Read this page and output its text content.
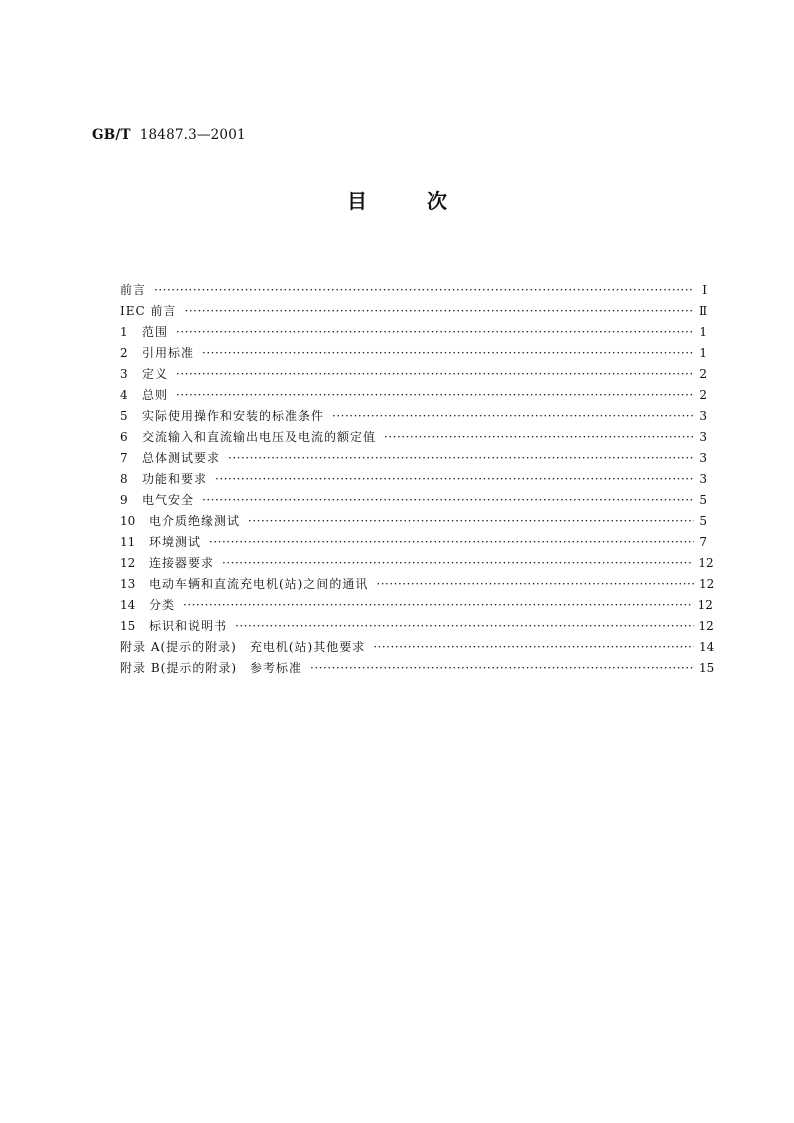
GB/T 18487.3—2001
目次
前言 ·····	Ⅰ
IEC 前言 ·····	Ⅱ
1	范围 ·····	1
2	引用标准 ·····	1
3	定义 ·····	2
4	总则 ·····	2
5	实际使用操作和安装的标准条件 ·····	3
6	交流输入和直流输出电压及电流的额定值 ·····	3
7	总体测试要求 ·····	3
8	功能和要求 ·····	3
9	电气安全 ·····	5
10	电介质绝缘测试 ·····	5
11	环境测试 ·····	7
12	连接器要求 ·····	12
13	电动车辆和直流充电机(站)之间的通讯 ·····	12
14	分类 ·····	12
15	标识和说明书 ·····	12
附录 A(提示的附录)　充电机(站)其他要求 ·····	14
附录 B(提示的附录)　参考标准 ·····	15
